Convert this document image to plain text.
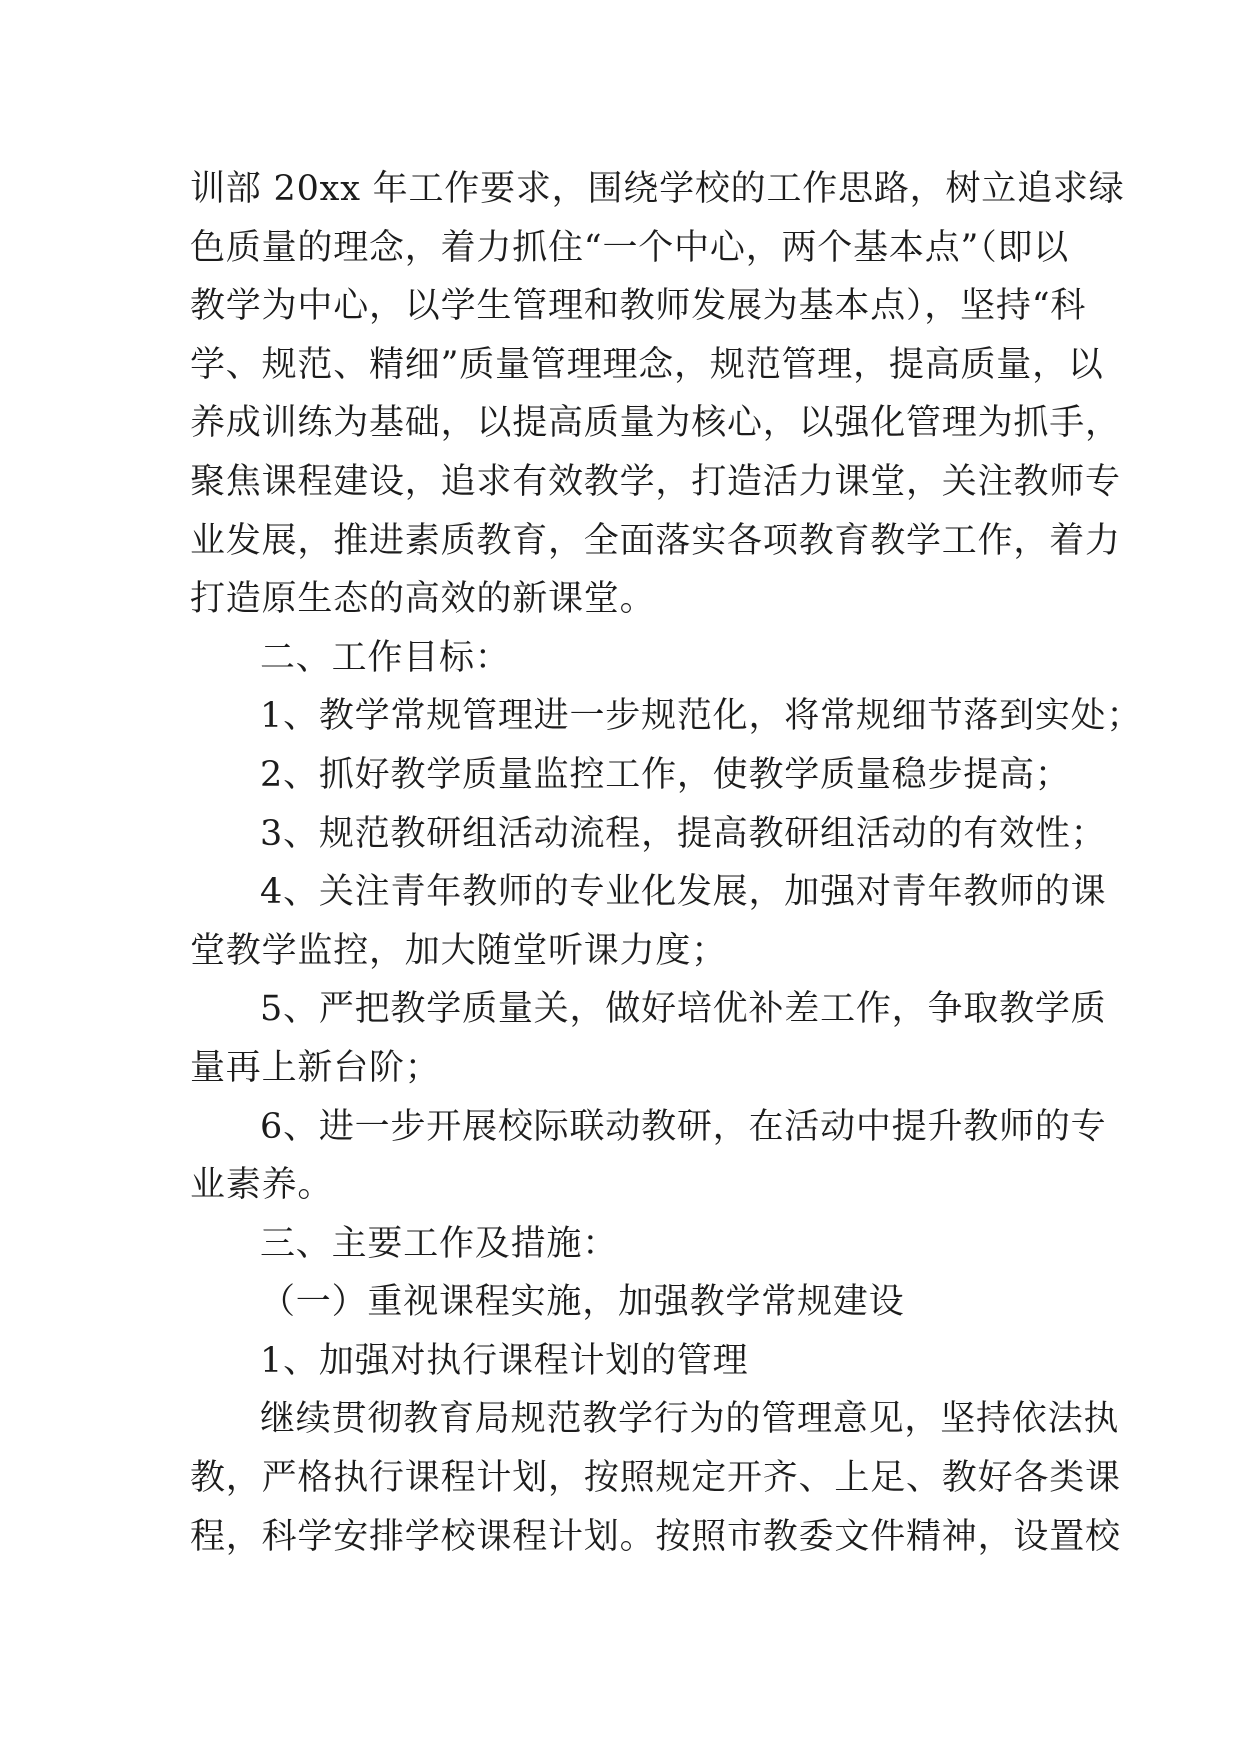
训部 20xx 年工作要求，围绕学校的工作思路，树立追求绿
色质量的理念，着力抓住“一个中心，两个基本点”（即以
教学为中心，以学生管理和教师发展为基本点），坚持“科
学、规范、精细”质量管理理念，规范管理，提高质量，以
养成训练为基础，以提高质量为核心，以强化管理为抓手，
聚焦课程建设，追求有效教学，打造活力课堂，关注教师专
业发展，推进素质教育，全面落实各项教育教学工作，着力
打造原生态的高效的新课堂。
二、工作目标：
1、教学常规管理进一步规范化，将常规细节落到实处；
2、抓好教学质量监控工作，使教学质量稳步提高；
3、规范教研组活动流程，提高教研组活动的有效性；
4、关注青年教师的专业化发展，加强对青年教师的课
堂教学监控，加大随堂听课力度；
5、严把教学质量关，做好培优补差工作，争取教学质
量再上新台阶；
6、进一步开展校际联动教研，在活动中提升教师的专
业素养。
三、主要工作及措施：
（一）重视课程实施，加强教学常规建设
1、加强对执行课程计划的管理
继续贯彻教育局规范教学行为的管理意见，坚持依法执
教，严格执行课程计划，按照规定开齐、上足、教好各类课
程，科学安排学校课程计划。按照市教委文件精神，设置校
